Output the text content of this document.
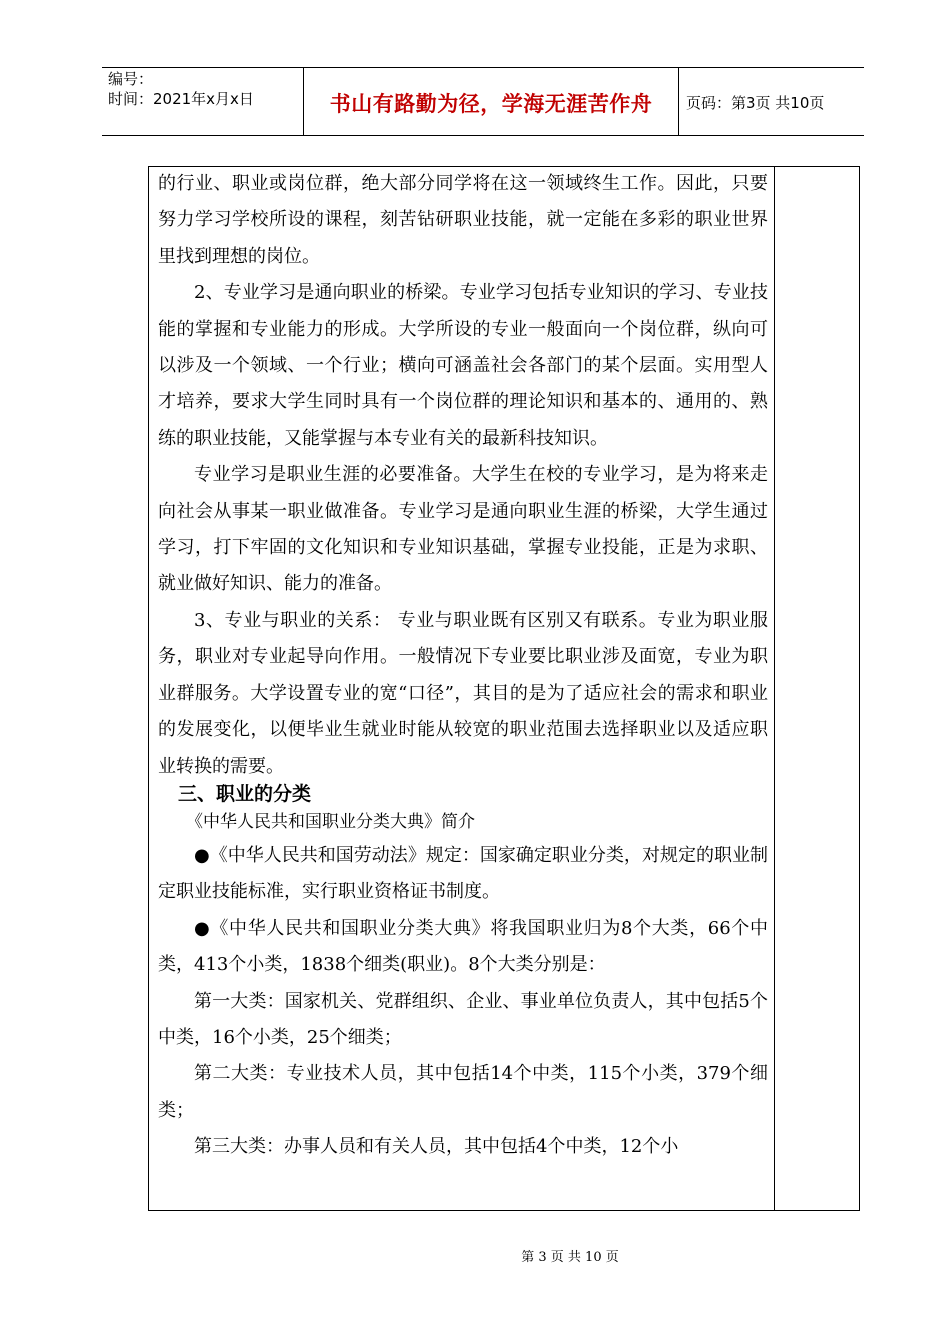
编号：
时间：2021年x月x日	书山有路勤为径，学海无涯苦作舟	页码：第3页 共10页

的行业、职业或岗位群，绝大部分同学将在这一领域终生工作。因此，只要努力学习学校所设的课程，刻苦钻研职业技能，就一定能在多彩的职业世界里找到理想的岗位。

2、专业学习是通向职业的桥梁。专业学习包括专业知识的学习、专业技能的掌握和专业能力的形成。大学所设的专业一般面向一个岗位群，纵向可以涉及一个领域、一个行业；横向可涵盖社会各部门的某个层面。实用型人才培养，要求大学生同时具有一个岗位群的理论知识和基本的、通用的、熟练的职业技能，又能掌握与本专业有关的最新科技知识。

专业学习是职业生涯的必要准备。大学生在校的专业学习，是为将来走向社会从事某一职业做准备。专业学习是通向职业生涯的桥梁，大学生通过学习，打下牢固的文化知识和专业知识基础，掌握专业投能，正是为求职、就业做好知识、能力的准备。

3、专业与职业的关系： 专业与职业既有区别又有联系。专业为职业服务，职业对专业起导向作用。一般情况下专业要比职业涉及面宽，专业为职业群服务。大学设置专业的宽“口径”，其目的是为了适应社会的需求和职业的发展变化，以便毕业生就业时能从较宽的职业范围去选择职业以及适应职业转换的需要。

三、职业的分类

《中华人民共和国职业分类大典》简介

●《中华人民共和国劳动法》规定：国家确定职业分类，对规定的职业制定职业技能标准，实行职业资格证书制度。

●《中华人民共和国职业分类大典》将我国职业归为8个大类，66个中类，413个小类，1838个细类(职业)。8个大类分别是：

第一大类：国家机关、党群组织、企业、事业单位负责人，其中包括5个中类，16个小类，25个细类；

第二大类：专业技术人员，其中包括14个中类，115个小类，379个细类；

第三大类：办事人员和有关人员，其中包括4个中类，12个小

第 3 页 共 10 页
